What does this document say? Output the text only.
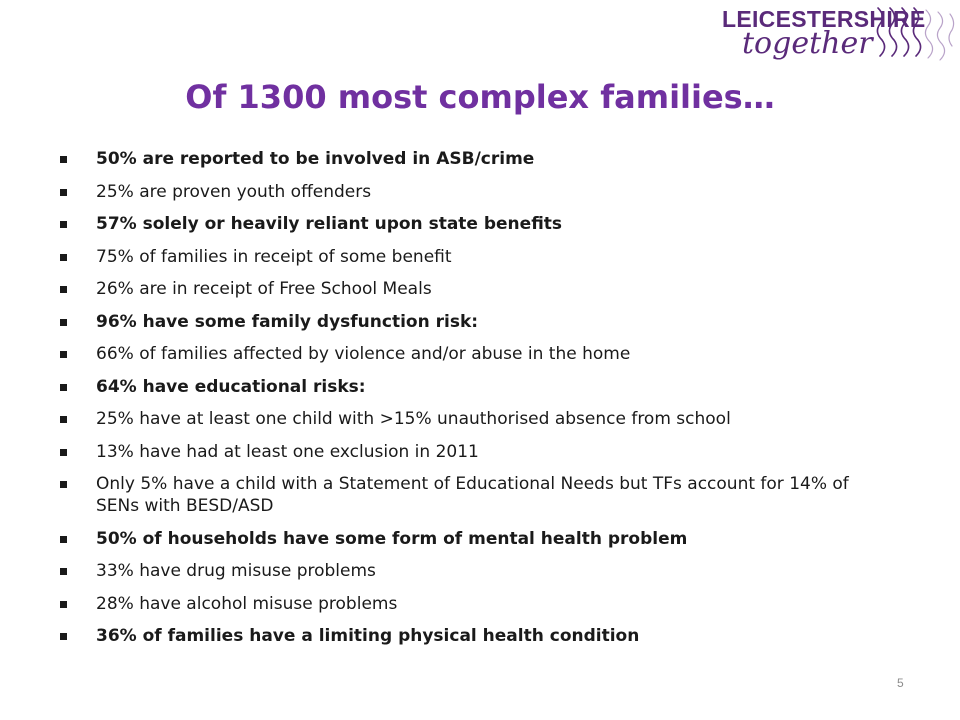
LEICESTERSHIRE
together
Of 1300 most complex families…
50% are reported to be involved in ASB/crime
25% are proven youth offenders
57% solely or heavily reliant upon state benefits
75% of families in receipt of some benefit
26% are in receipt of Free School Meals
96% have some family dysfunction risk:
66% of families affected by violence and/or abuse in the home
64% have educational risks:
25% have at least one child with >15% unauthorised absence from school
13% have had at least one exclusion in 2011
Only 5% have a child with a Statement of Educational Needs but TFs account for 14% of SENs with BESD/ASD
50% of households have some form of mental health problem
33% have drug misuse problems
28% have alcohol misuse problems
36% of families have a limiting physical health condition
5
